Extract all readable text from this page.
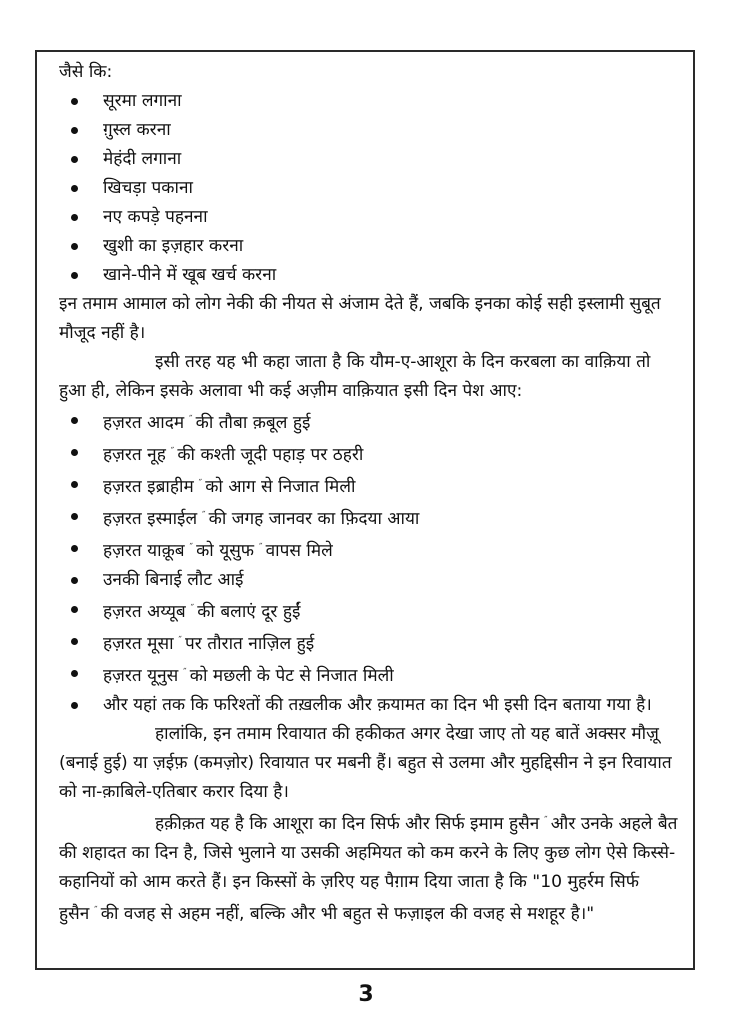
जैसे कि:
सूरमा लगाना
ग़ुस्ल करना
मेहंदी लगाना
खिचड़ा पकाना
नए कपड़े पहनना
खुशी का इज़हार करना
खाने-पीने में खूब खर्च करना

इन तमाम आमाल को लोग नेकी की नीयत से अंजाम देते हैं, जबकि इनका कोई सही इस्लामी सुबूत मौजूद नहीं है।

इसी तरह यह भी कहा जाता है कि यौम-ए-आशूरा के दिन करबला का वाक़िया तो हुआ ही, लेकिन इसके अलावा भी कई अज़ीम वाक़ियात इसी दिन पेश आए:

हज़रत आदम ˝ की तौबा क़बूल हुई
हज़रत नूह ˝ की कश्ती जूदी पहाड़ पर ठहरी
हज़रत इब्राहीम ˝ को आग से निजात मिली
हज़रत इस्माईल ˝ की जगह जानवर का फ़िदया आया
हज़रत याक़ूब ˝ को यूसुफ ˝ वापस मिले
उनकी बिनाई लौट आई
हज़रत अय्यूब ˝ की बलाएं दूर हुईं
हज़रत मूसा ˝ पर तौरात नाज़िल हुई
हज़रत यूनुस ˝ को मछली के पेट से निजात मिली
और यहां तक कि फरिश्तों की तख़लीक और क़यामत का दिन भी इसी दिन बताया गया है।

हालांकि, इन तमाम रिवायात की हकीकत अगर देखा जाए तो यह बातें अक्सर मौज़ू (बनाई हुई) या ज़ईफ़ (कमज़ोर) रिवायात पर मबनी हैं। बहुत से उलमा और मुहद्दिसीन ने इन रिवायात को ना-क़ाबिले-एतिबार करार दिया है।

हक़ीक़त यह है कि आशूरा का दिन सिर्फ और सिर्फ इमाम हुसैन ˝ और उनके अहले बैत की शहादत का दिन है, जिसे भुलाने या उसकी अहमियत को कम करने के लिए कुछ लोग ऐसे किस्से-कहानियों को आम करते हैं। इन किस्सों के ज़रिए यह पैग़ाम दिया जाता है कि "10 मुहर्रम सिर्फ हुसैन ˝ की वजह से अहम नहीं, बल्कि और भी बहुत से फज़ाइल की वजह से मशहूर है।"

3
